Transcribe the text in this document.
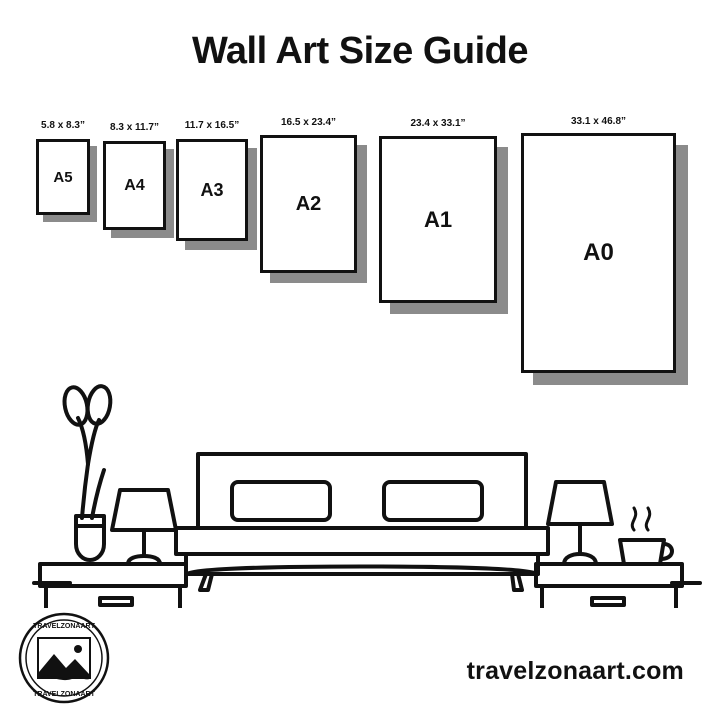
Wall Art Size Guide
5.8 x 8.3”
A5
8.3 x 11.7”
A4
11.7 x 16.5”
A3
16.5 x 23.4”
A2
23.4 x 33.1”
A1
33.1 x 46.8”
A0
TRAVELZONAART
TRAVELZONAART
travelzonaart.com
